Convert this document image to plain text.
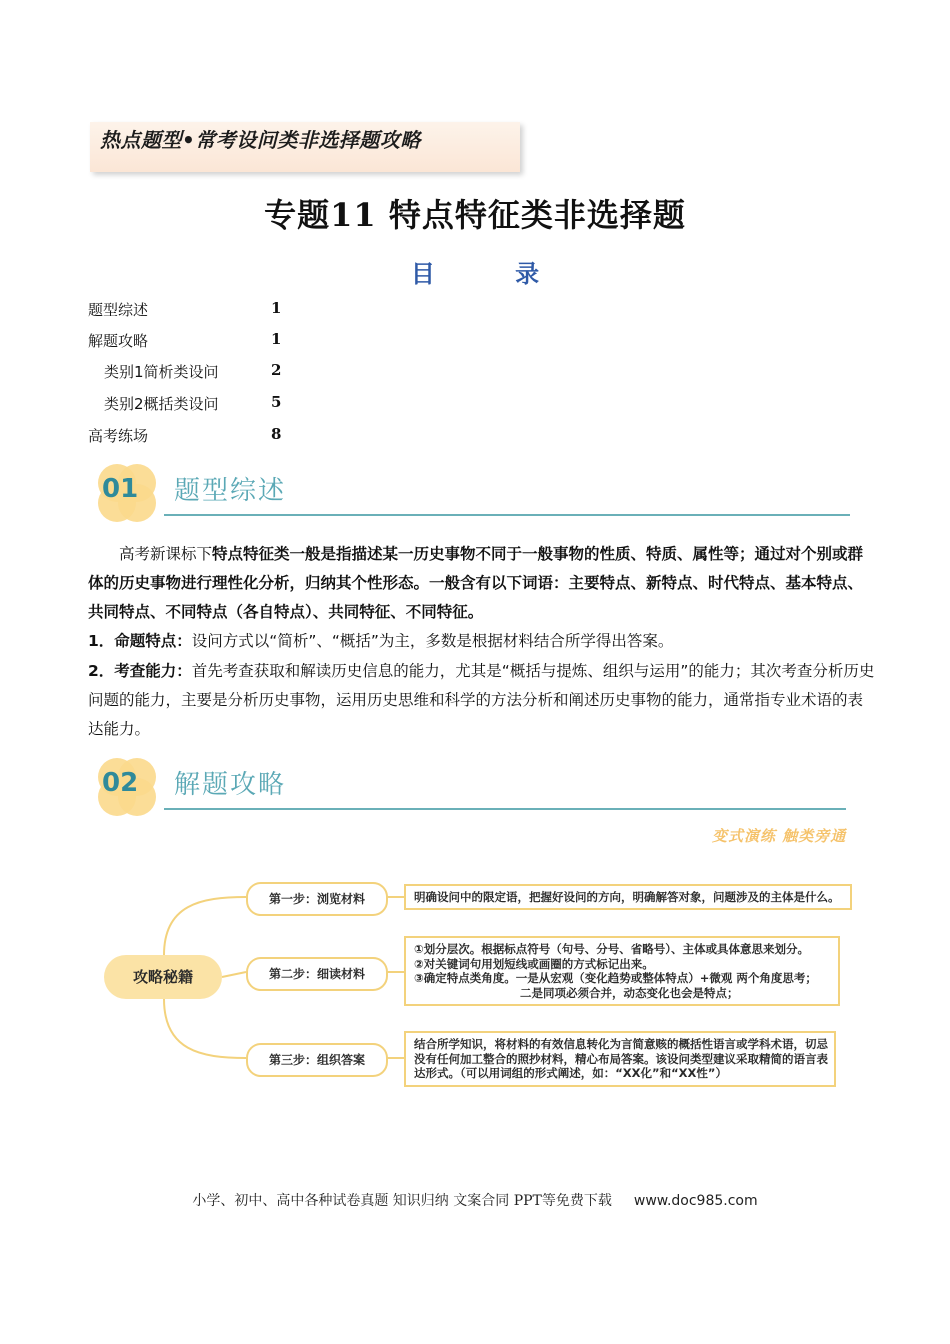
热点题型•常考设问类非选择题攻略
专题11 特点特征类非选择题
目 录
题型综述	1
解题攻略	1
类别1简析类设问	2
类别2概括类设问	5
高考练场	8
01 题型综述
高考新课标下特点特征类一般是指描述某一历史事物不同于一般事物的性质、特质、属性等；通过对个别或群体的历史事物进行理性化分析，归纳其个性形态。一般含有以下词语：主要特点、新特点、时代特点、基本特点、共同特点、不同特点（各自特点）、共同特征、不同特征。
1．命题特点：设问方式以“简析”、“概括”为主，多数是根据材料结合所学得出答案。
2．考查能力：首先考查获取和解读历史信息的能力，尤其是“概括与提炼、组织与运用”的能力；其次考查分析历史问题的能力，主要是分析历史事物，运用历史思维和科学的方法分析和阐述历史事物的能力，通常指专业术语的表达能力。
02 解题攻略
变式演练 触类旁通
攻略秘籍
第一步：浏览材料
第二步：细读材料
第三步：组织答案
明确设问中的限定语，把握好设问的方向，明确解答对象，问题涉及的主体是什么。
①划分层次。根据标点符号（句号、分号、省略号）、主体或具体意思来划分。
②对关键词句用划短线或画圈的方式标记出来。
③确定特点类角度。一是从宏观（变化趋势或整体特点）+微观 两个角度思考；
二是同项必须合并，动态变化也会是特点；
结合所学知识，将材料的有效信息转化为言简意赅的概括性语言或学科术语，切忌
没有任何加工整合的照抄材料，精心布局答案。该设问类型建议采取精简的语言表
达形式。（可以用词组的形式阐述，如：“XX化”和“XX性”）
小学、初中、高中各种试卷真题 知识归纳 文案合同 PPT等免费下载 www.doc985.com
